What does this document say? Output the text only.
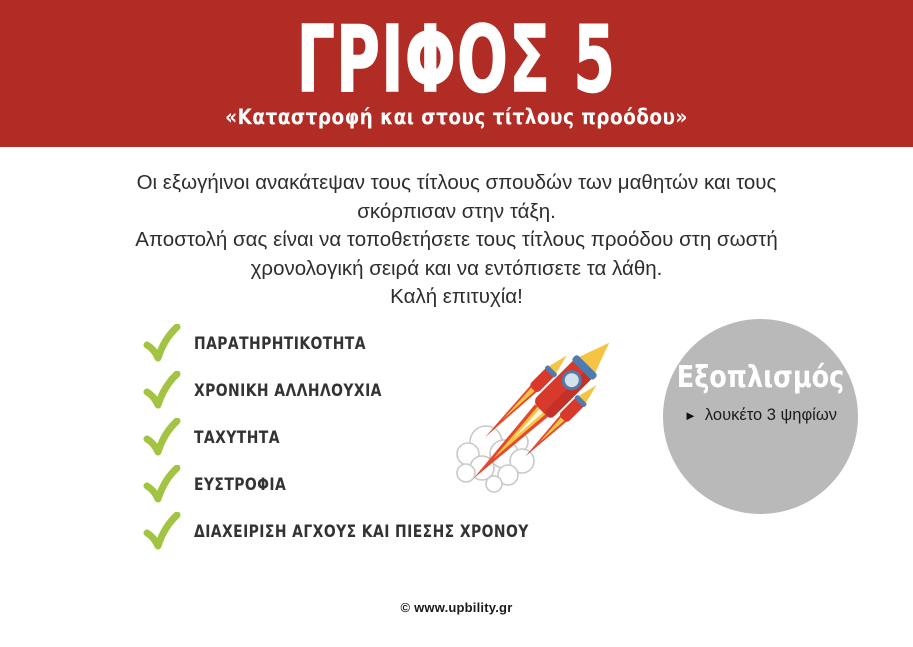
ΓΡΙΦΟΣ 5
«Καταστροφή και στους τίτλους προόδου»
Οι εξωγήινοι ανακάτεψαν τους τίτλους σπουδών των μαθητών και τους
σκόρπισαν στην τάξη.
Αποστολή σας είναι να τοποθετήσετε τους τίτλους προόδου στη σωστή
χρονολογική σειρά και να εντόπισετε τα λάθη.
Καλή επιτυχία!
ΠΑΡΑΤΗΡΗΤΙΚΟΤΗΤΑ
ΧΡΟΝΙΚΗ ΑΛΛΗΛΟΥΧΙΑ
ΤΑΧΥΤΗΤΑ
ΕΥΣΤΡΟΦΙΑ
ΔΙΑΧΕΙΡΙΣΗ ΑΓΧΟΥΣ ΚΑΙ ΠΙΕΣΗΣ ΧΡΟΝΟΥ
Εξοπλισμός
► λουκέτο 3 ψηφίων
© www.upbility.gr
